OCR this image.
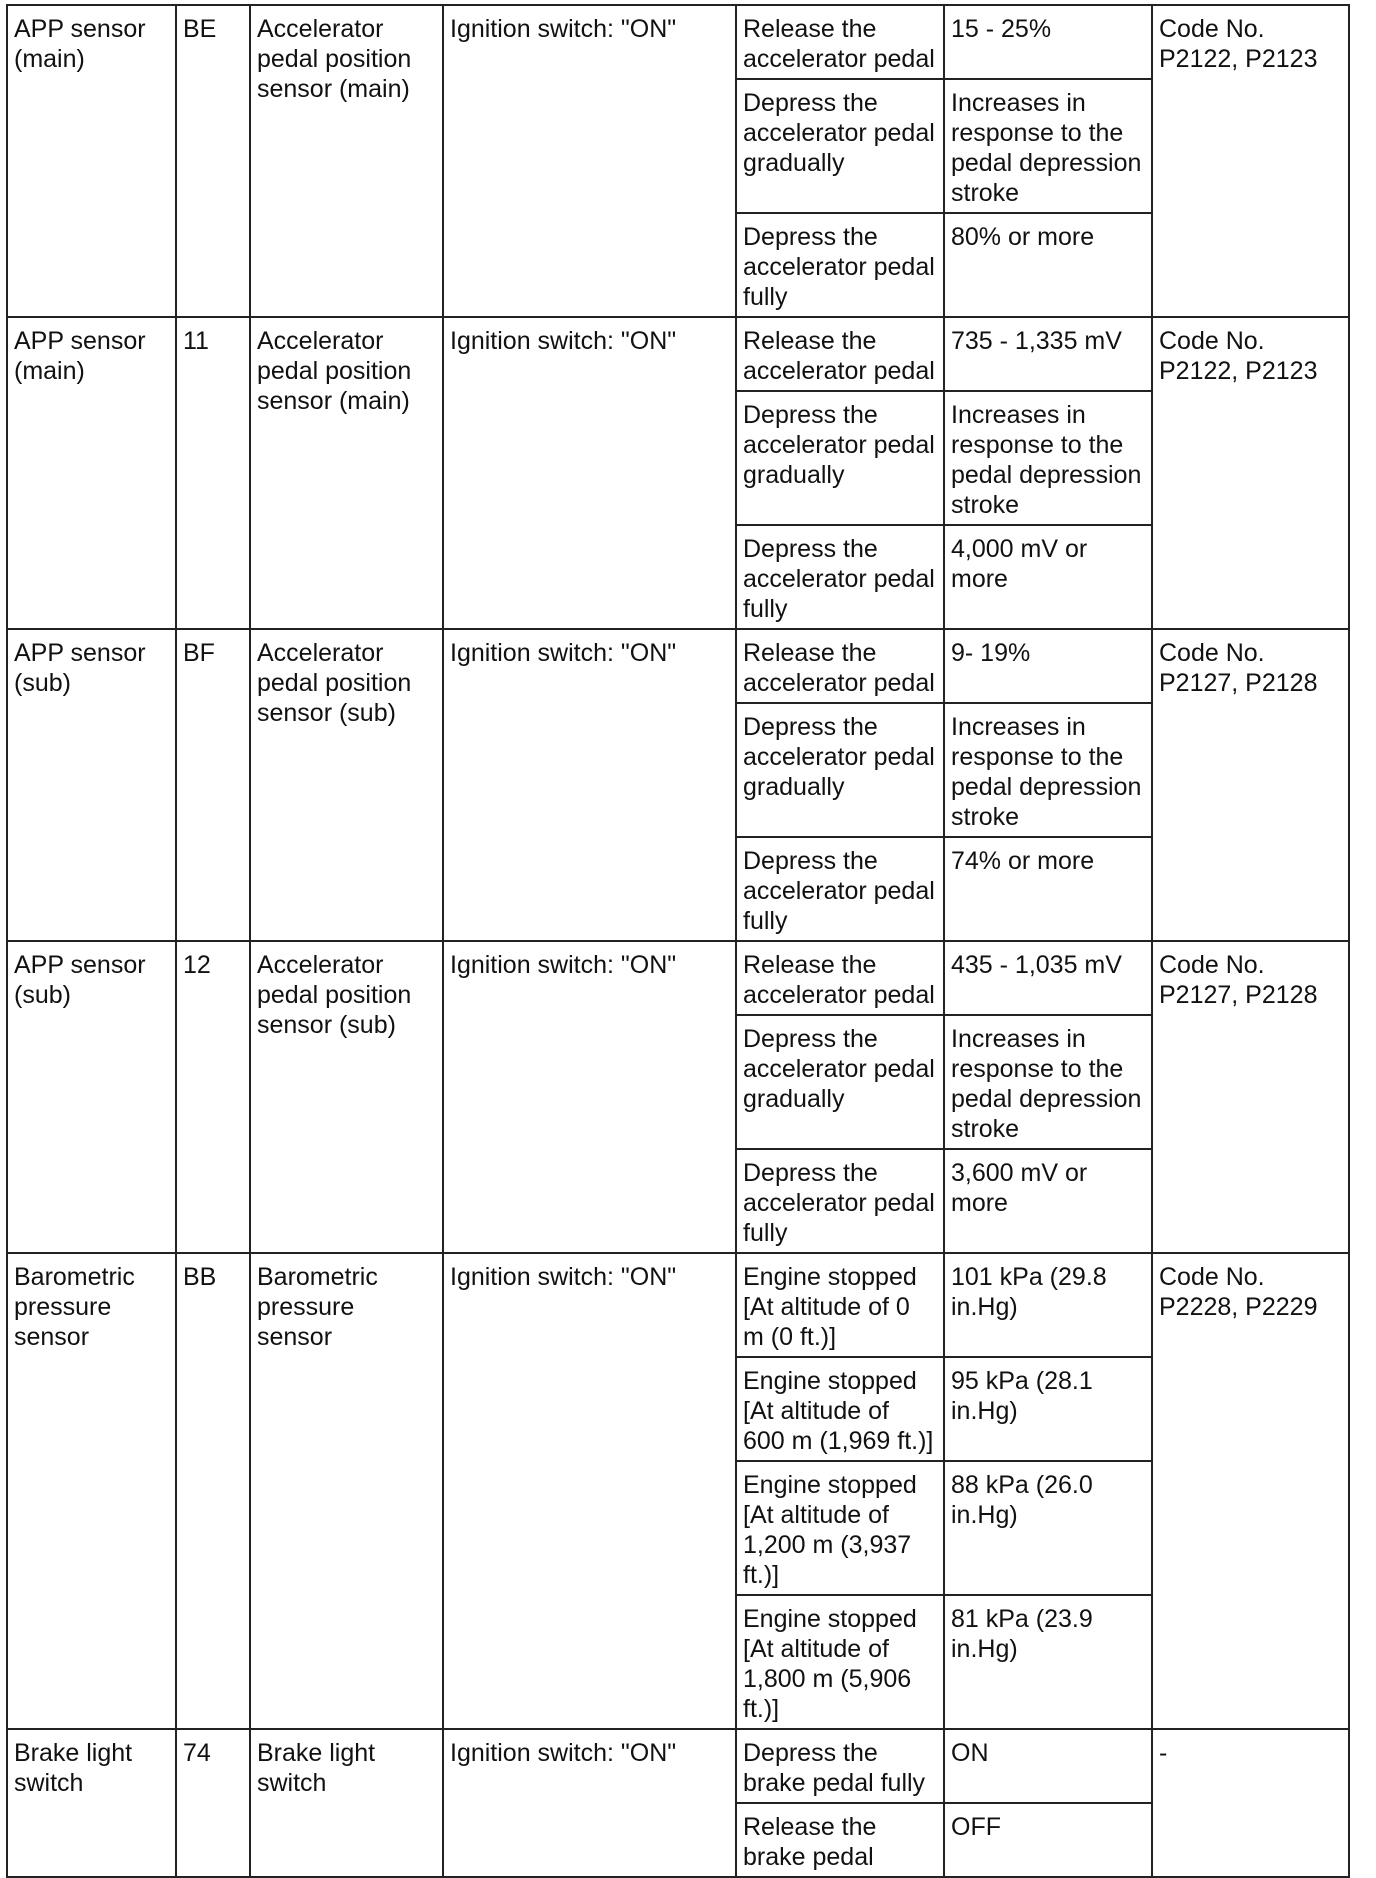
APP sensor (main)	BE	Accelerator pedal position sensor (main)	Ignition switch: "ON"	Release the accelerator pedal	15 - 25%	Code No. P2122, P2123
				Depress the accelerator pedal gradually	Increases in response to the pedal depression stroke	
				Depress the accelerator pedal fully	80% or more	
APP sensor (main)	11	Accelerator pedal position sensor (main)	Ignition switch: "ON"	Release the accelerator pedal	735 - 1,335 mV	Code No. P2122, P2123
				Depress the accelerator pedal gradually	Increases in response to the pedal depression stroke	
				Depress the accelerator pedal fully	4,000 mV or more	
APP sensor (sub)	BF	Accelerator pedal position sensor (sub)	Ignition switch: "ON"	Release the accelerator pedal	9- 19%	Code No. P2127, P2128
				Depress the accelerator pedal gradually	Increases in response to the pedal depression stroke	
				Depress the accelerator pedal fully	74% or more	
APP sensor (sub)	12	Accelerator pedal position sensor (sub)	Ignition switch: "ON"	Release the accelerator pedal	435 - 1,035 mV	Code No. P2127, P2128
				Depress the accelerator pedal gradually	Increases in response to the pedal depression stroke	
				Depress the accelerator pedal fully	3,600 mV or more	
Barometric pressure sensor	BB	Barometric pressure sensor	Ignition switch: "ON"	Engine stopped [At altitude of 0 m (0 ft.)]	101 kPa (29.8 in.Hg)	Code No. P2228, P2229
				Engine stopped [At altitude of 600 m (1,969 ft.)]	95 kPa (28.1 in.Hg)	
				Engine stopped [At altitude of 1,200 m (3,937 ft.)]	88 kPa (26.0 in.Hg)	
				Engine stopped [At altitude of 1,800 m (5,906 ft.)]	81 kPa (23.9 in.Hg)	
Brake light switch	74	Brake light switch	Ignition switch: "ON"	Depress the brake pedal fully	ON	-
				Release the brake pedal	OFF	
